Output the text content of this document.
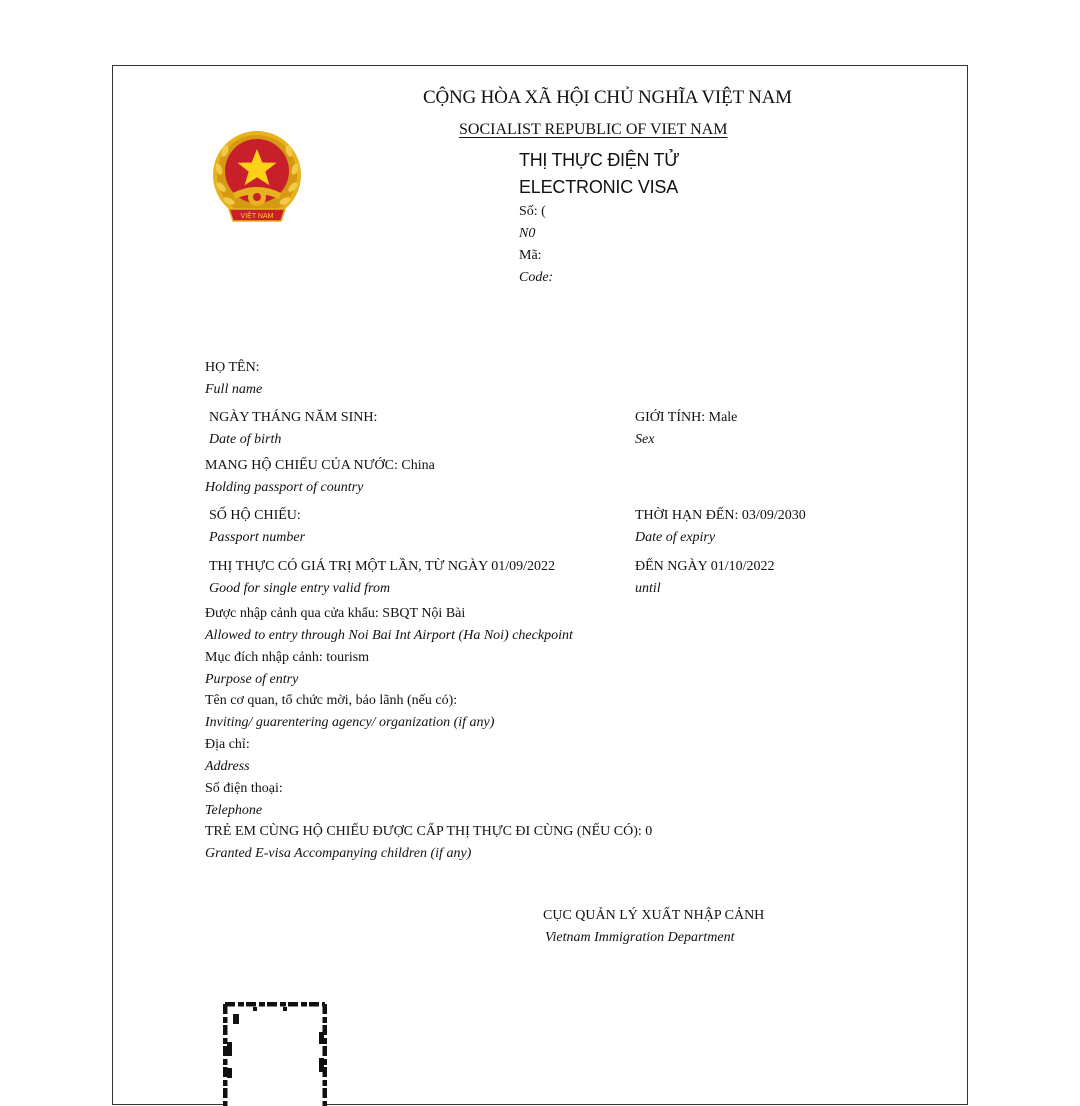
CỘNG HÒA XÃ HỘI CHỦ NGHĨA VIỆT NAM
SOCIALIST REPUBLIC OF VIET NAM
VIỆT NAM
THỊ THỰC ĐIỆN TỬ
ELECTRONIC VISA
Số: (
N0
Mã:
Code:
HỌ TÊN:
Full name
NGÀY THÁNG NĂM SINH:
Date of birth
GIỚI TÍNH: Male
Sex
MANG HỘ CHIẾU CỦA NƯỚC: China
Holding passport of country
SỐ HỘ CHIẾU:
Passport number
THỜI HẠN ĐẾN: 03/09/2030
Date of expiry
THỊ THỰC CÓ GIÁ TRỊ MỘT LẦN, TỪ NGÀY 01/09/2022
Good for single entry valid from
ĐẾN NGÀY 01/10/2022
until
Được nhập cảnh qua cửa khẩu: SBQT Nội Bài
Allowed to entry through Noi Bai Int Airport (Ha Noi) checkpoint
Mục đích nhập cảnh: tourism
Purpose of entry
Tên cơ quan, tổ chức mời, bảo lãnh (nếu có):
Inviting/ guarentering agency/ organization (if any)
Địa chỉ:
Address
Số điện thoại:
Telephone
TRẺ EM CÙNG HỘ CHIẾU ĐƯỢC CẤP THỊ THỰC ĐI CÙNG (NẾU CÓ): 0
Granted E-visa Accompanying children (if any)
CỤC QUẢN LÝ XUẤT NHẬP CẢNH
Vietnam Immigration Department
